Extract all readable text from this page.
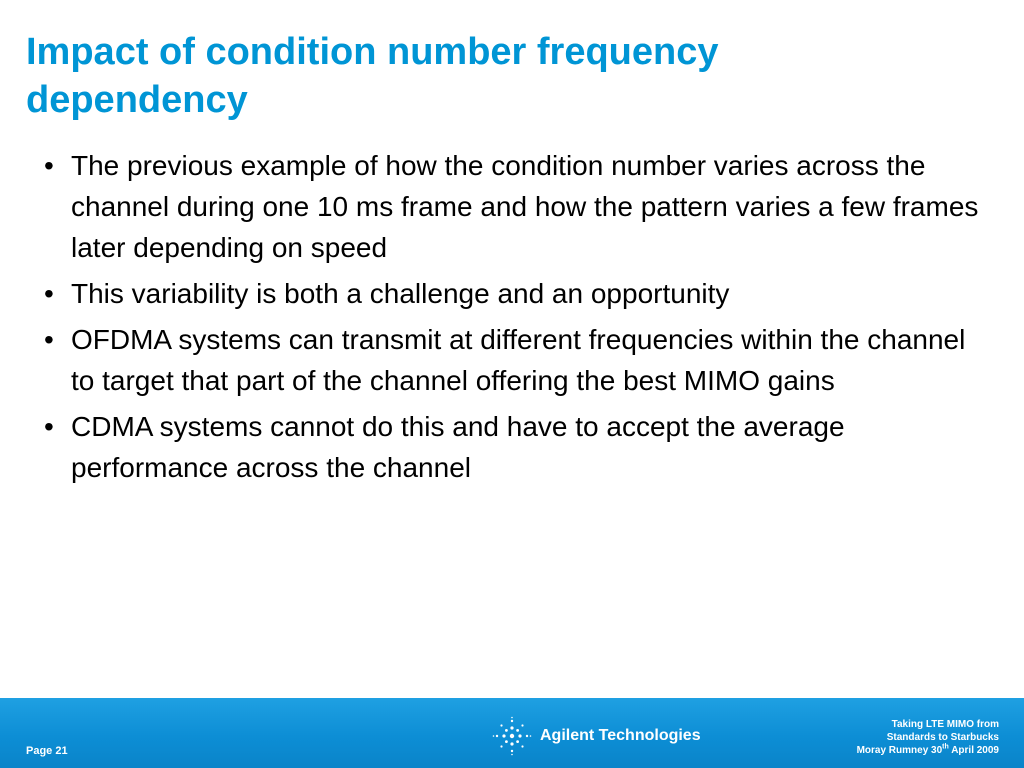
Impact of condition number frequency dependency
• The previous example of how the condition number varies across the channel during one 10 ms frame and how the pattern varies a few frames later depending on speed
• This variability is both a challenge and an opportunity
• OFDMA systems can transmit at different frequencies within the channel to target that part of the channel offering the best MIMO gains
• CDMA systems cannot do this and have to accept the average performance across the channel
Page 21
Agilent Technologies
Taking LTE MIMO from
Standards to Starbucks
Moray Rumney 30th April 2009
